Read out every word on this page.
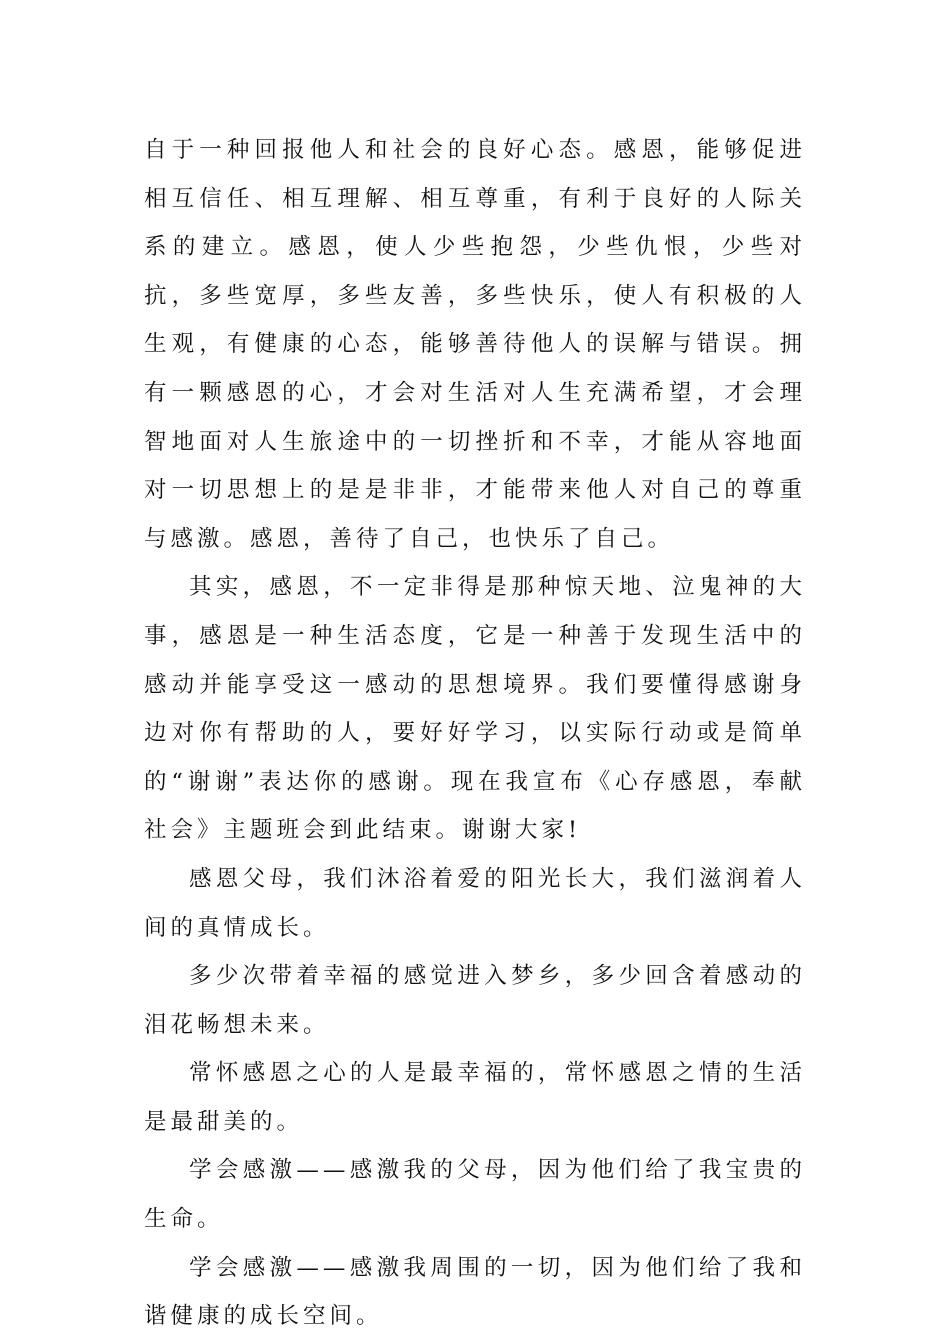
自于一种回报他人和社会的良好心态。感恩，能够促进相互信任、相互理解、相互尊重，有利于良好的人际关系的建立。感恩，使人少些抱怨，少些仇恨，少些对抗，多些宽厚，多些友善，多些快乐，使人有积极的人生观，有健康的心态，能够善待他人的误解与错误。拥有一颗感恩的心，才会对生活对人生充满希望，才会理智地面对人生旅途中的一切挫折和不幸，才能从容地面对一切思想上的是是非非，才能带来他人对自己的尊重与感激。感恩，善待了自己，也快乐了自己。

其实，感恩，不一定非得是那种惊天地、泣鬼神的大事，感恩是一种生活态度，它是一种善于发现生活中的感动并能享受这一感动的思想境界。我们要懂得感谢身边对你有帮助的人，要好好学习，以实际行动或是简单的“谢谢”表达你的感谢。现在我宣布《心存感恩，奉献社会》主题班会到此结束。谢谢大家!

感恩父母，我们沐浴着爱的阳光长大，我们滋润着人间的真情成长。

多少次带着幸福的感觉进入梦乡，多少回含着感动的泪花畅想未来。

常怀感恩之心的人是最幸福的，常怀感恩之情的生活是最甜美的。

学会感激——感激我的父母，因为他们给了我宝贵的生命。

学会感激——感激我周围的一切，因为他们给了我和谐健康的成长空间。
